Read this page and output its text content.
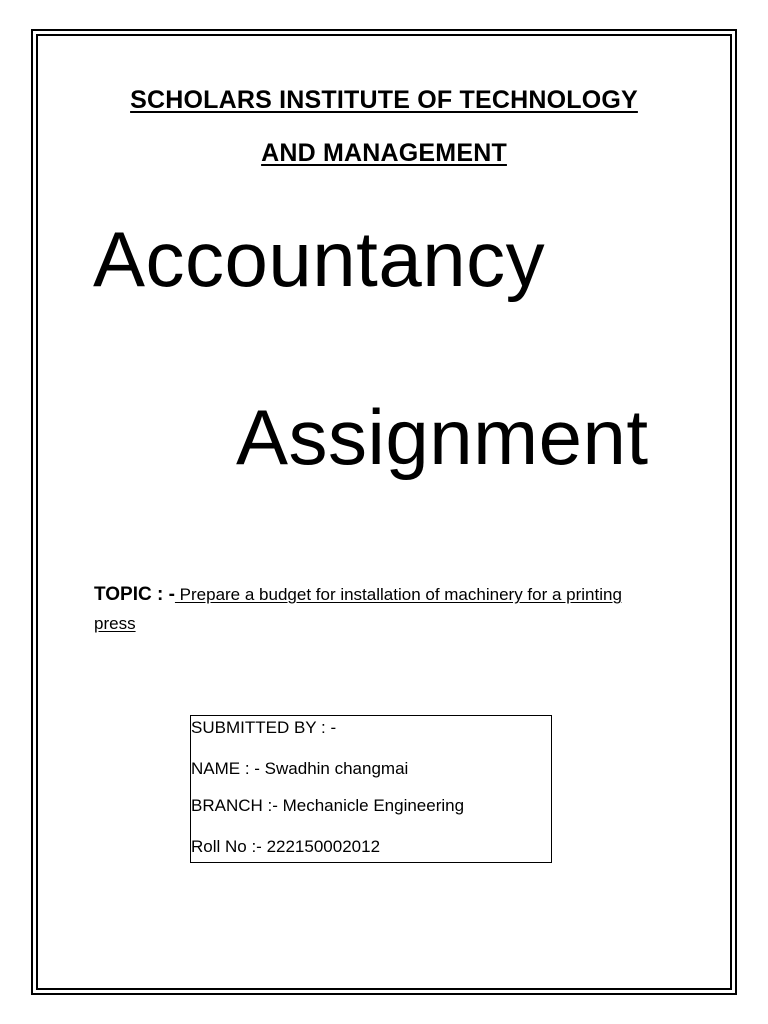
SCHOLARS INSTITUTE OF TECHNOLOGY
AND MANAGEMENT
Accountancy
Assignment
TOPIC : - Prepare a budget for installation of machinery for a printing press
SUBMITTED BY : -
NAME : - Swadhin changmai
BRANCH :- Mechanicle Engineering
Roll No :- 222150002012
